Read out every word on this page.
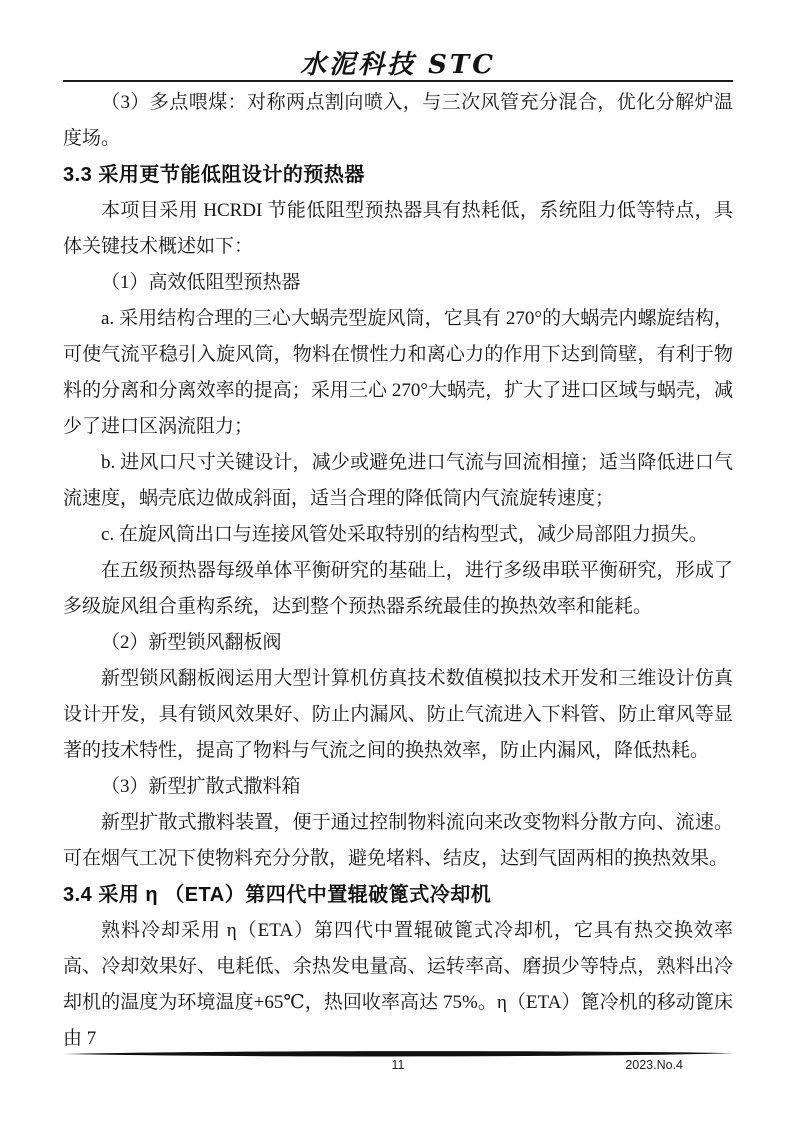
水泥科技 STC

（3）多点喂煤：对称两点割向喷入，与三次风管充分混合，优化分解炉温度场。

3.3 采用更节能低阻设计的预热器

本项目采用 HCRDI 节能低阻型预热器具有热耗低，系统阻力低等特点，具体关键技术概述如下：

（1）高效低阻型预热器

a. 采用结构合理的三心大蜗壳型旋风筒，它具有 270°的大蜗壳内螺旋结构，可使气流平稳引入旋风筒，物料在惯性力和离心力的作用下达到筒壁，有利于物料的分离和分离效率的提高；采用三心 270°大蜗壳，扩大了进口区域与蜗壳，减少了进口区涡流阻力；

b. 进风口尺寸关键设计，减少或避免进口气流与回流相撞；适当降低进口气流速度，蜗壳底边做成斜面，适当合理的降低筒内气流旋转速度；

c. 在旋风筒出口与连接风管处采取特别的结构型式，减少局部阻力损失。

在五级预热器每级单体平衡研究的基础上，进行多级串联平衡研究，形成了多级旋风组合重构系统，达到整个预热器系统最佳的换热效率和能耗。

（2）新型锁风翻板阀

新型锁风翻板阀运用大型计算机仿真技术数值模拟技术开发和三维设计仿真设计开发，具有锁风效果好、防止内漏风、防止气流进入下料管、防止窜风等显著的技术特性，提高了物料与气流之间的换热效率，防止内漏风，降低热耗。

（3）新型扩散式撒料箱

新型扩散式撒料装置，便于通过控制物料流向来改变物料分散方向、流速。可在烟气工况下使物料充分分散，避免堵料、结皮，达到气固两相的换热效果。

3.4 采用 η （ETA）第四代中置辊破篦式冷却机

熟料冷却采用 η（ETA）第四代中置辊破篦式冷却机，它具有热交换效率高、冷却效果好、电耗低、余热发电量高、运转率高、磨损少等特点，熟料出冷却机的温度为环境温度+65℃，热回收率高达 75%。η（ETA）篦冷机的移动篦床由 7

11	2023.No.4
